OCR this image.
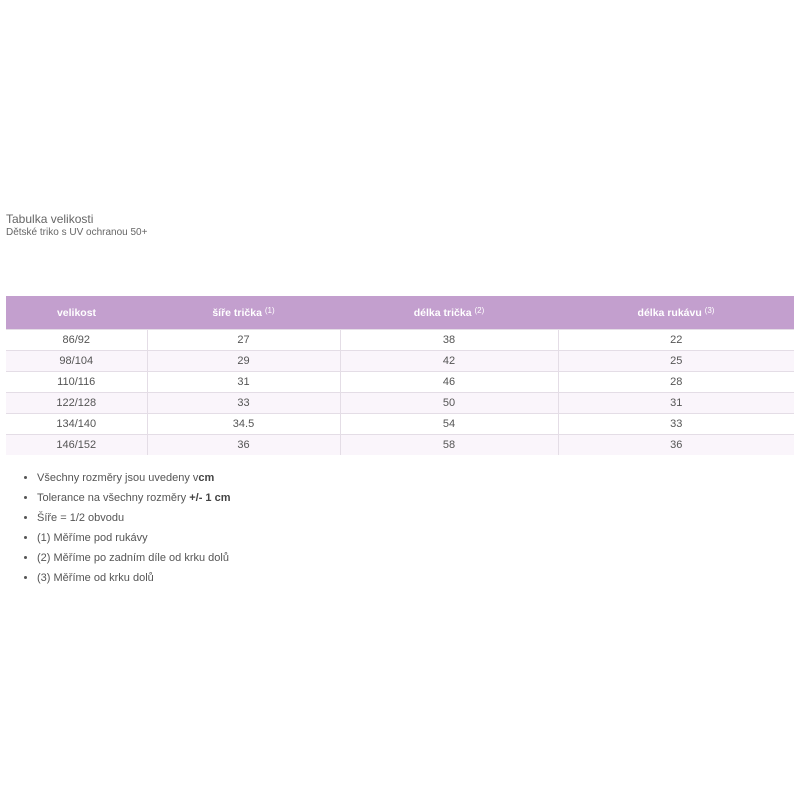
Tabulka velikosti
Dětské triko s UV ochranou 50+
velikost	šíře trička $^{(1)}$	délka trička $^{(2)}$	délka rukávu $^{(3)}$
86/92	27	38	22
98/104	29	42	25
110/116	31	46	28
122/128	33	50	31
134/140	34.5	54	33
146/152	36	58	36
• Všechny rozměry jsou uvedeny vcm
• Tolerance na všechny rozměry +/- 1 cm
• Šíře = 1/2 obvodu
• (1) Měříme pod rukávy
• (2) Měříme po zadním díle od krku dolů
• (3) Měříme od krku dolů
